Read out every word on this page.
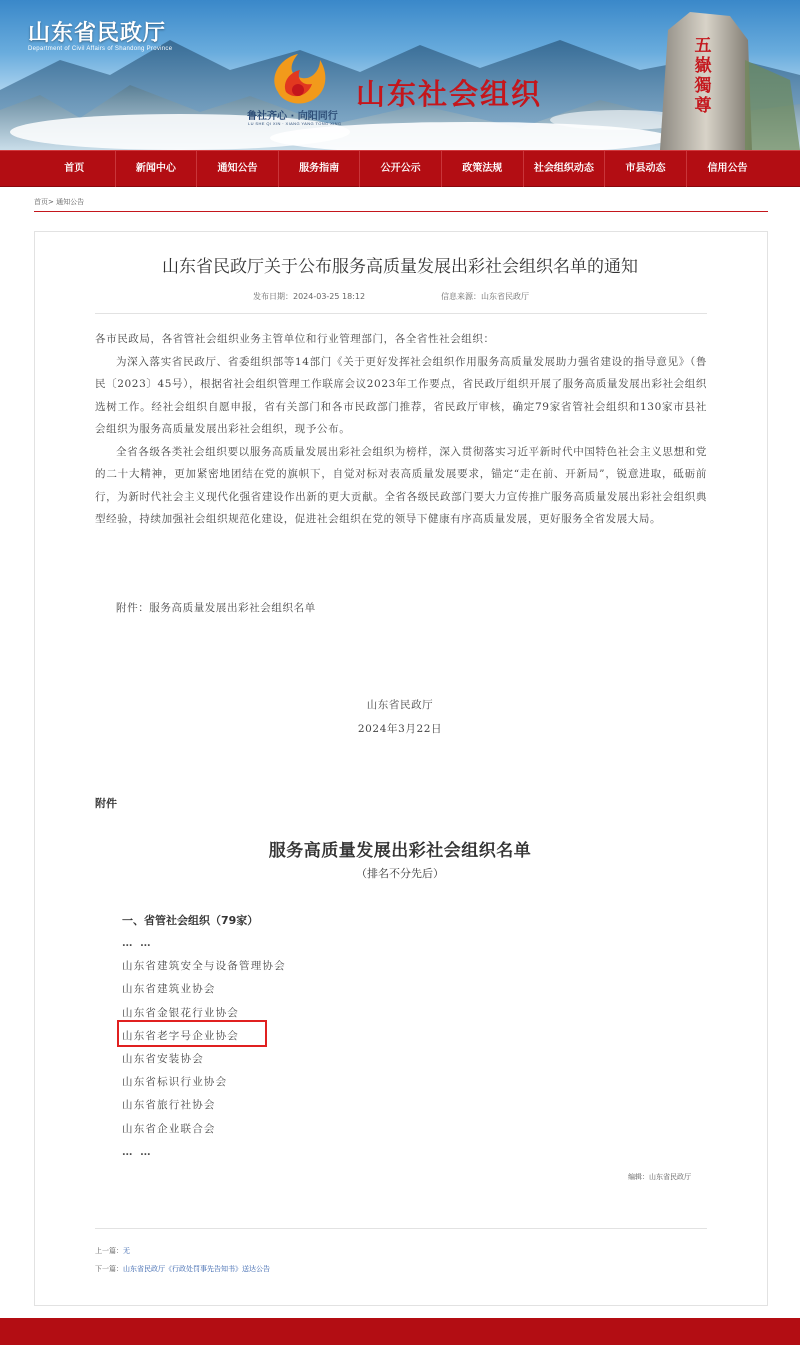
山东省民政厅
Department of Civil Affairs of Shandong Province
山东社会组织
鲁社齐心 · 向阳同行
LU SHE QI XIN · XIANG YANG TONG XING
五嶽獨尊
首页	新闻中心	通知公告	服务指南	公开公示	政策法规	社会组织动态	市县动态	信用公告
首页> 通知公告
山东省民政厅关于公布服务高质量发展出彩社会组织名单的通知
发布日期：2024-03-25 18:12	信息来源：山东省民政厅
各市民政局，各省管社会组织业务主管单位和行业管理部门，各全省性社会组织：
为深入落实省民政厅、省委组织部等14部门《关于更好发挥社会组织作用服务高质量发展助力强省建设的指导意见》（鲁民〔2023〕45号），根据省社会组织管理工作联席会议2023年工作要点，省民政厅组织开展了服务高质量发展出彩社会组织选树工作。经社会组织自愿申报，省有关部门和各市民政部门推荐，省民政厅审核，确定79家省管社会组织和130家市县社会组织为服务高质量发展出彩社会组织，现予公布。
全省各级各类社会组织要以服务高质量发展出彩社会组织为榜样，深入贯彻落实习近平新时代中国特色社会主义思想和党的二十大精神，更加紧密地团结在党的旗帜下，自觉对标对表高质量发展要求，锚定“走在前、开新局”，锐意进取，砥砺前行，为新时代社会主义现代化强省建设作出新的更大贡献。全省各级民政部门要大力宣传推广服务高质量发展出彩社会组织典型经验，持续加强社会组织规范化建设，促进社会组织在党的领导下健康有序高质量发展，更好服务全省发展大局。
附件：服务高质量发展出彩社会组织名单
山东省民政厅
2024年3月22日
附件
服务高质量发展出彩社会组织名单
（排名不分先后）
一、省管社会组织（79家）
… …
山东省建筑安全与设备管理协会
山东省建筑业协会
山东省金银花行业协会
山东省老字号企业协会
山东省安装协会
山东省标识行业协会
山东省旅行社协会
山东省企业联合会
… …
编辑：山东省民政厅
上一篇：无
下一篇：山东省民政厅《行政处罚事先告知书》送达公告
